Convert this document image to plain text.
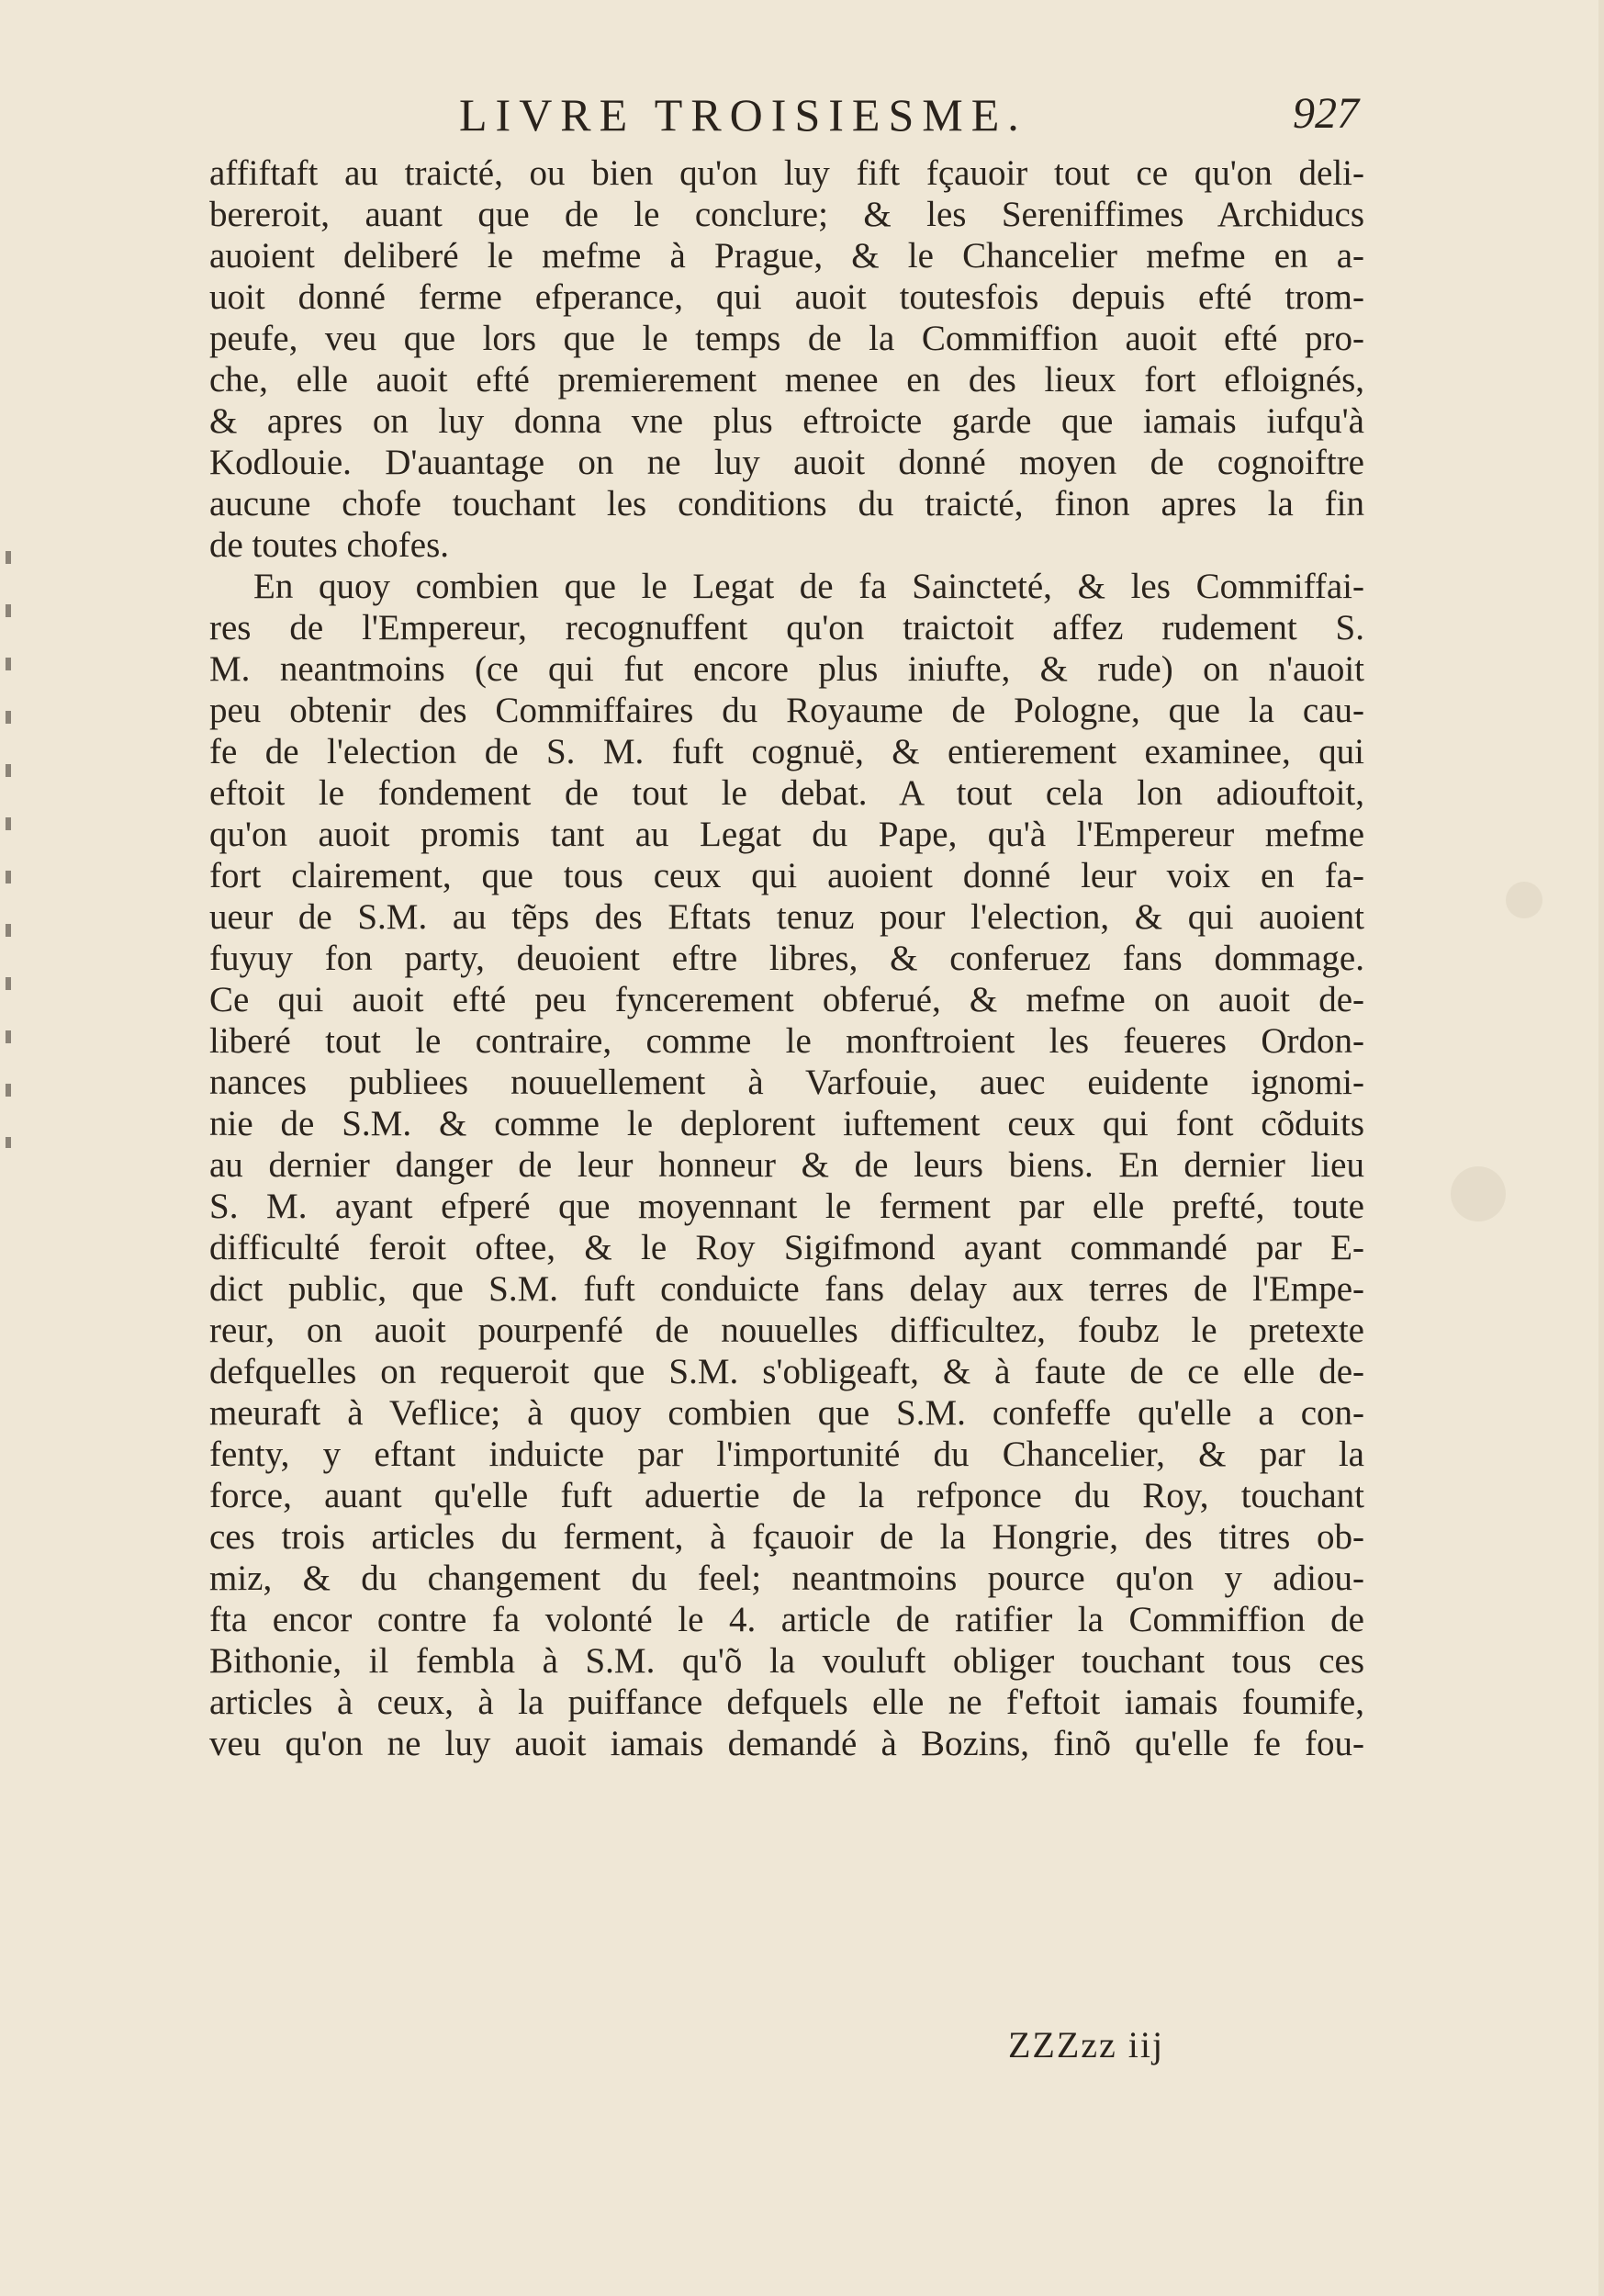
LIVRE TROISIESME.	927
affiftaft au traicté, ou bien qu'on luy fift fçauoir tout ce qu'on deli-
bereroit, auant que de le conclure; & les Sereniffimes Archiducs
auoient deliberé le mefme à Prague, & le Chancelier mefme en a-
uoit donné ferme efperance, qui auoit toutesfois depuis efté trom-
peufe, veu que lors que le temps de la Commiffion auoit efté pro-
che, elle auoit efté premierement menee en des lieux fort efloignés,
& apres on luy donna vne plus eftroicte garde que iamais iufqu'à
Kodlouie. D'auantage on ne luy auoit donné moyen de cognoiftre
aucune chofe touchant les conditions du traicté, finon apres la fin
de toutes chofes.
En quoy combien que le Legat de fa Saincteté, & les Commiffai-
res de l'Empereur, recognuffent qu'on traictoit affez rudement S.
M. neantmoins (ce qui fut encore plus iniufte, & rude) on n'auoit
peu obtenir des Commiffaires du Royaume de Pologne, que la cau-
fe de l'election de S. M. fuft cognuë, & entierement examinee, qui
eftoit le fondement de tout le debat. A tout cela lon adiouftoit,
qu'on auoit promis tant au Legat du Pape, qu'à l'Empereur mefme
fort clairement, que tous ceux qui auoient donné leur voix en fa-
ueur de S.M. au tẽps des Eftats tenuz pour l'election, & qui auoient
fuyuy fon party, deuoient eftre libres, & conferuez fans dommage.
Ce qui auoit efté peu fyncerement obferué, & mefme on auoit de-
liberé tout le contraire, comme le monftroient les feueres Ordon-
nances publiees nouuellement à Varfouie, auec euidente ignomi-
nie de S.M. & comme le deplorent iuftement ceux qui font cõduits
au dernier danger de leur honneur & de leurs biens. En dernier lieu
S. M. ayant efperé que moyennant le ferment par elle prefté, toute
difficulté feroit oftee, & le Roy Sigifmond ayant commandé par E-
dict public, que S.M. fuft conduicte fans delay aux terres de l'Empe-
reur, on auoit pourpenfé de nouuelles difficultez, foubz le pretexte
defquelles on requeroit que S.M. s'obligeaft, & à faute de ce elle de-
meuraft à Veflice; à quoy combien que S.M. confeffe qu'elle a con-
fenty, y eftant induicte par l'importunité du Chancelier, & par la
force, auant qu'elle fuft aduertie de la refponce du Roy, touchant
ces trois articles du ferment, à fçauoir de la Hongrie, des titres ob-
miz, & du changement du feel; neantmoins pource qu'on y adiou-
fta encor contre fa volonté le 4. article de ratifier la Commiffion de
Bithonie, il fembla à S.M. qu'õ la vouluft obliger touchant tous ces
articles à ceux, à la puiffance defquels elle ne f'eftoit iamais foumife,
veu qu'on ne luy auoit iamais demandé à Bozins, finõ qu'elle fe fou-
ZZZzz iij
